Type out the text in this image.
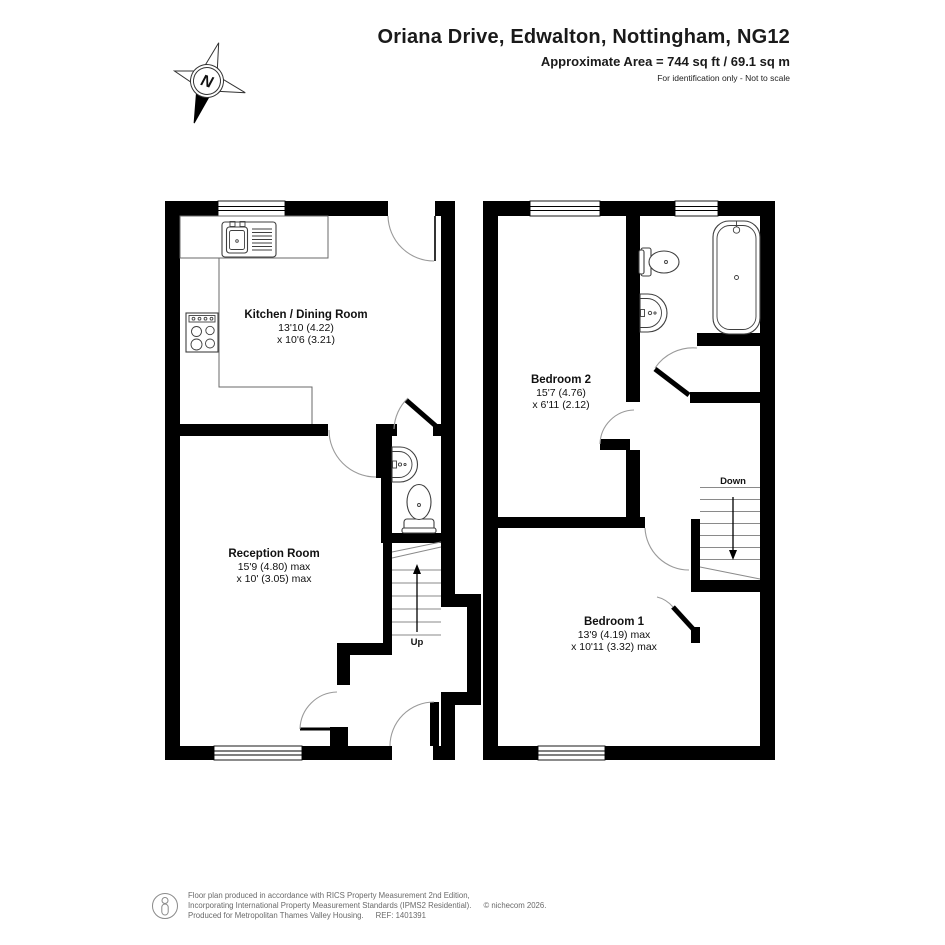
Oriana Drive, Edwalton, Nottingham, NG12
Approximate Area = 744 sq ft / 69.1 sq m
For identification only - Not to scale
N
Up
Kitchen / Dining Room
13'10 (4.22)
x 10'6 (3.21)
Reception Room
15'9 (4.80) max
x 10' (3.05) max
Down
Bedroom 2
15'7 (4.76)
x 6'11 (2.12)
Bedroom 1
13'9 (4.19) max
x 10'11 (3.32) max
Floor plan produced in accordance with RICS Property Measurement 2nd Edition,
Incorporating International Property Measurement Standards (IPMS2 Residential). © nichecom 2026.
Produced for Metropolitan Thames Valley Housing. REF: 1401391
